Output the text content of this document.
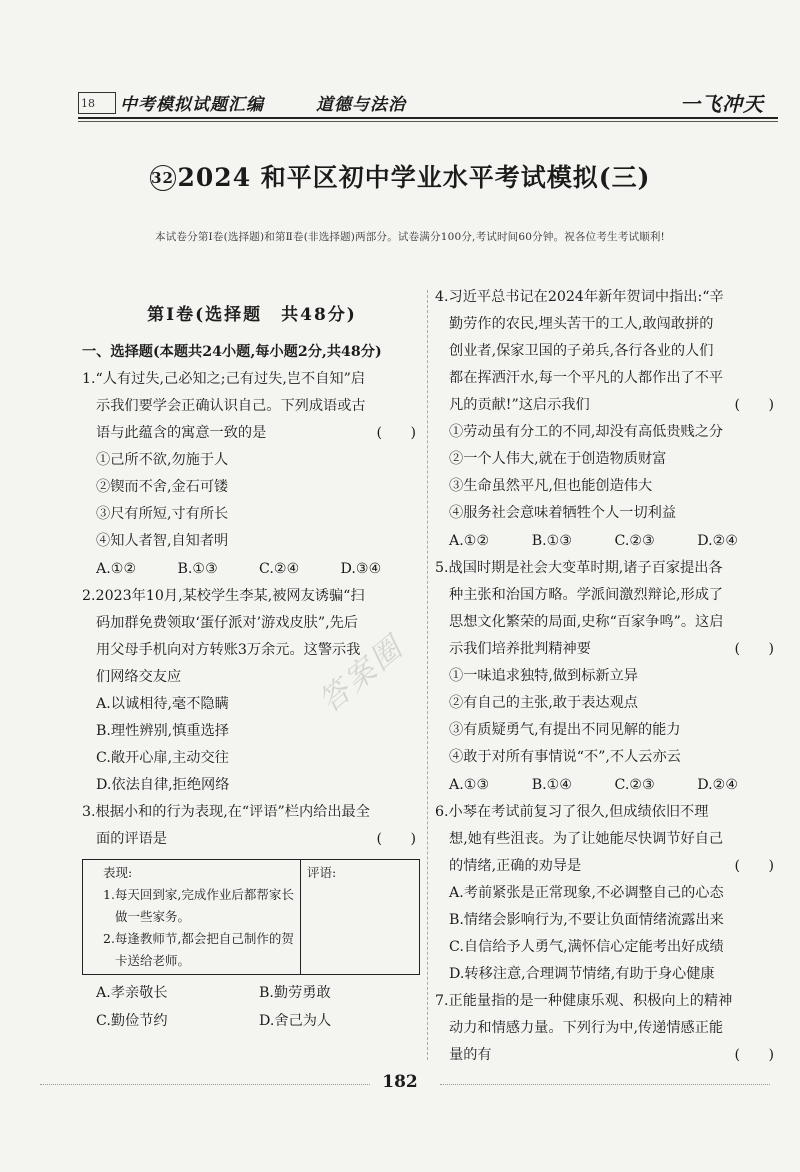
18	中考模拟试题汇编	道德与法治	一飞冲天
32 2024 和平区初中学业水平考试模拟(三)
本试卷分第Ⅰ卷(选择题)和第Ⅱ卷(非选择题)两部分。试卷满分100分,考试时间60分钟。祝各位考生考试顺利!
答案圈
第Ⅰ卷(选择题　共48分)
一、选择题(本题共24小题,每小题2分,共48分)
1.“人有过失,己必知之;己有过失,岂不自知”启
示我们要学会正确认识自己。下列成语或古
语与此蕴含的寓意一致的是	(　　)
①己所不欲,勿施于人
②锲而不舍,金石可镂
③尺有所短,寸有所长
④知人者智,自知者明
A.①②	B.①③	C.②④	D.③④
2.2023年10月,某校学生李某,被网友诱骗“扫
码加群免费领取‘蛋仔派对’游戏皮肤”,先后
用父母手机向对方转账3万余元。这警示我
们网络交友应
A.以诚相待,毫不隐瞒
B.理性辨别,慎重选择
C.敞开心扉,主动交往
D.依法自律,拒绝网络
3.根据小和的行为表现,在“评语”栏内给出最全
面的评语是	(　　)
表现:
1.每天回到家,完成作业后都帮家长做一些家务。
2.每逢教师节,都会把自己制作的贺卡送给老师。
评语:
A.孝亲敬长	B.勤劳勇敢
C.勤俭节约	D.舍己为人
4.习近平总书记在2024年新年贺词中指出:“辛
勤劳作的农民,埋头苦干的工人,敢闯敢拼的
创业者,保家卫国的子弟兵,各行各业的人们
都在挥洒汗水,每一个平凡的人都作出了不平
凡的贡献!”这启示我们	(　　)
①劳动虽有分工的不同,却没有高低贵贱之分
②一个人伟大,就在于创造物质财富
③生命虽然平凡,但也能创造伟大
④服务社会意味着牺牲个人一切利益
A.①②	B.①③	C.②③	D.②④
5.战国时期是社会大变革时期,诸子百家提出各
种主张和治国方略。学派间激烈辩论,形成了
思想文化繁荣的局面,史称“百家争鸣”。这启
示我们培养批判精神要	(　　)
①一味追求独特,做到标新立异
②有自己的主张,敢于表达观点
③有质疑勇气,有提出不同见解的能力
④敢于对所有事情说“不”,不人云亦云
A.①③	B.①④	C.②③	D.②④
6.小琴在考试前复习了很久,但成绩依旧不理
想,她有些沮丧。为了让她能尽快调节好自己
的情绪,正确的劝导是	(　　)
A.考前紧张是正常现象,不必调整自己的心态
B.情绪会影响行为,不要让负面情绪流露出来
C.自信给予人勇气,满怀信心定能考出好成绩
D.转移注意,合理调节情绪,有助于身心健康
7.正能量指的是一种健康乐观、积极向上的精神
动力和情感力量。下列行为中,传递情感正能
量的有	(　　)
182
